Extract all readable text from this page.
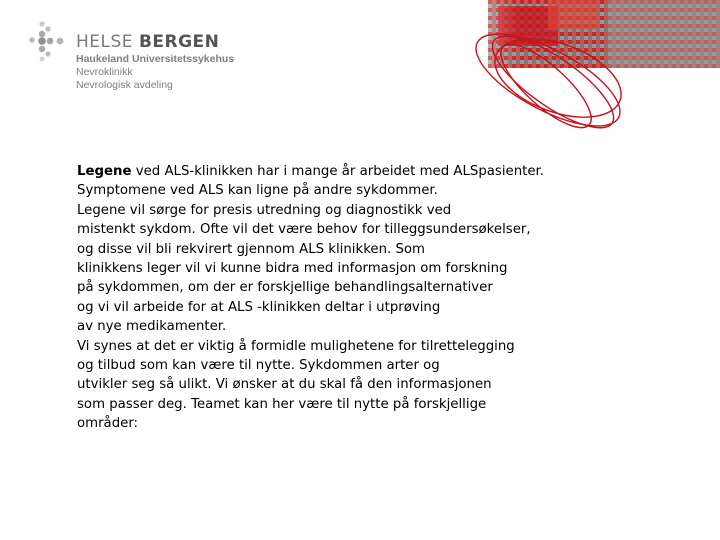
HELSE BERGEN
Haukeland Universitetssykehus
Nevroklinikk
Nevrologisk avdeling
Legene ved ALS-klinikken har i mange år arbeidet med ALSpasienter.
Symptomene ved ALS kan ligne på andre sykdommer.
Legene vil sørge for presis utredning og diagnostikk ved
mistenkt sykdom. Ofte vil det være behov for tilleggsundersøkelser,
og disse vil bli rekvirert gjennom ALS klinikken. Som
klinikkens leger vil vi kunne bidra med informasjon om forskning
på sykdommen, om der er forskjellige behandlingsalternativer
og vi vil arbeide for at ALS -klinikken deltar i utprøving
av nye medikamenter.
Vi synes at det er viktig å formidle mulighetene for tilrettelegging
og tilbud som kan være til nytte. Sykdommen arter og
utvikler seg så ulikt. Vi ønsker at du skal få den informasjonen
som passer deg. Teamet kan her være til nytte på forskjellige
områder:
